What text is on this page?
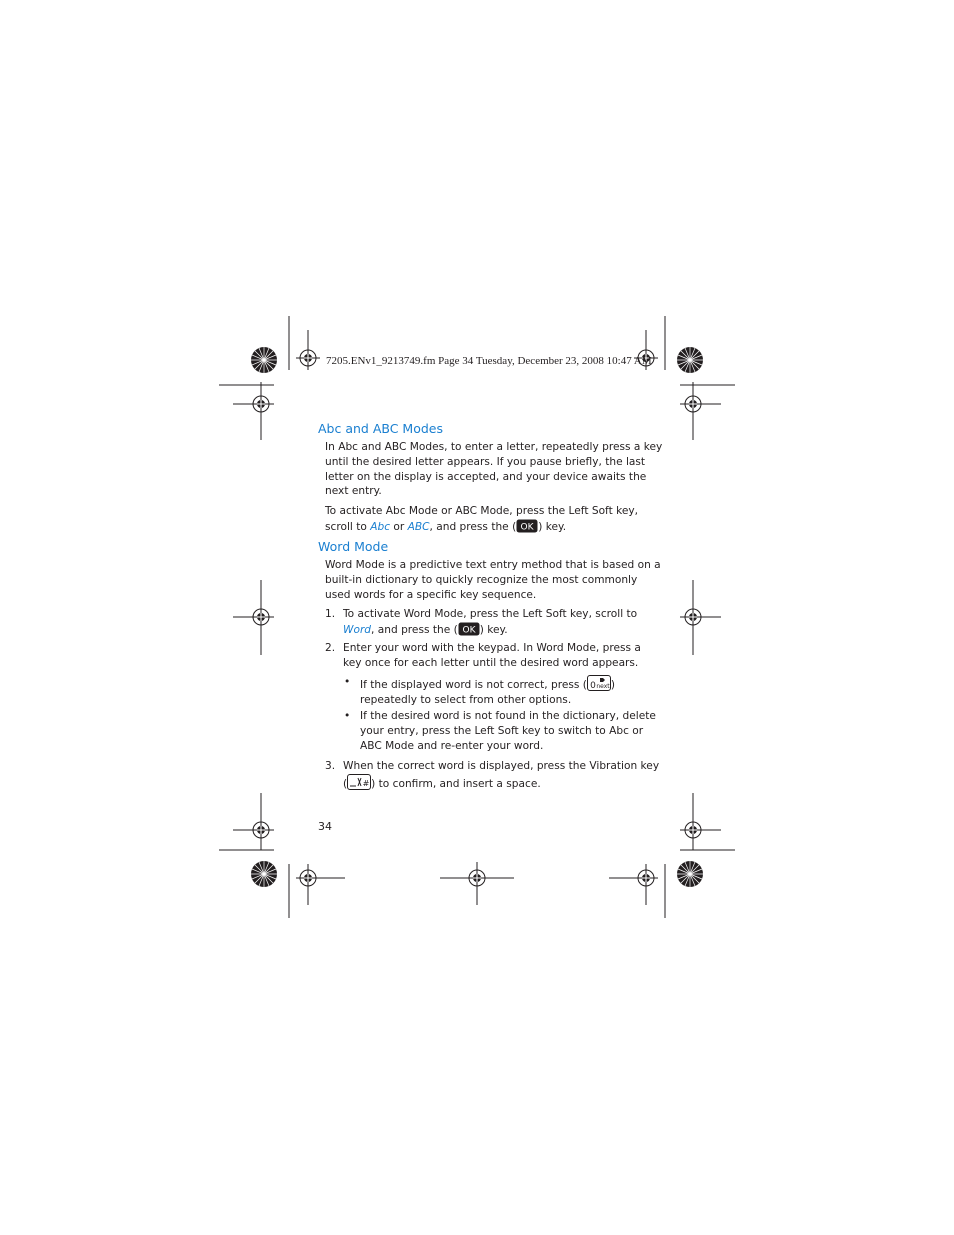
7205.ENv1_9213749.fm Page 34 Tuesday, December 23, 2008 10:47 AM
Abc and ABC Modes
In Abc and ABC Modes, to enter a letter, repeatedly press a key
until the desired letter appears. If you pause briefly, the last
letter on the display is accepted, and your device awaits the
next entry.
To activate Abc Mode or ABC Mode, press the Left Soft key,
scroll to Abc or ABC, and press the ( OK ) key.
Word Mode
Word Mode is a predictive text entry method that is based on a
built-in dictionary to quickly recognize the most commonly
used words for a specific key sequence.
1. To activate Word Mode, press the Left Soft key, scroll to
Word, and press the ( OK ) key.
2. Enter your word with the keypad. In Word Mode, press a
key once for each letter until the desired word appears.
• If the displayed word is not correct, press ( 0 next )
repeatedly to select from other options.
• If the desired word is not found in the dictionary, delete
your entry, press the Left Soft key to switch to Abc or
ABC Mode and re-enter your word.
3. When the correct word is displayed, press the Vibration key
( # ) to confirm, and insert a space.
34
